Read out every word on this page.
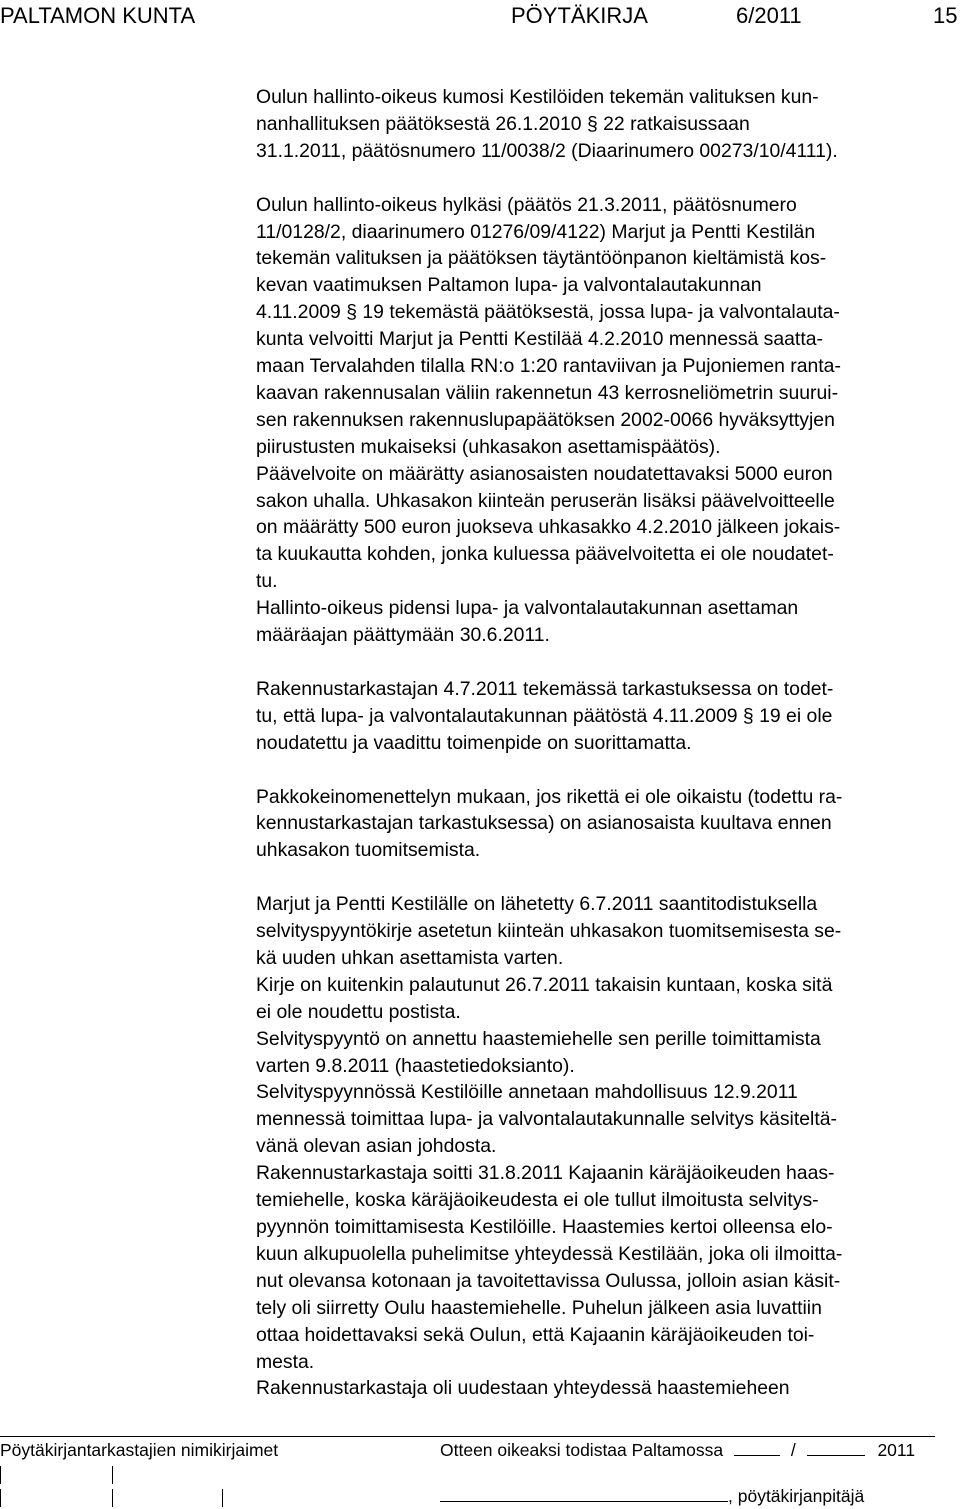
PALTAMON KUNTA	PÖYTÄKIRJA	6/2011	15

Oulun hallinto-oikeus kumosi Kestilöiden tekemän valituksen kun-
nanhallituksen päätöksestä 26.1.2010 § 22 ratkaisussaan
31.1.2011, päätösnumero 11/0038/2 (Diaarinumero 00273/10/4111).

Oulun hallinto-oikeus hylkäsi (päätös 21.3.2011, päätösnumero
11/0128/2, diaarinumero 01276/09/4122) Marjut ja Pentti Kestilän
tekemän valituksen ja päätöksen täytäntöönpanon kieltämistä kos-
kevan vaatimuksen Paltamon lupa- ja valvontalautakunnan
4.11.2009 § 19 tekemästä päätöksestä, jossa lupa- ja valvontalauta-
kunta velvoitti Marjut ja Pentti Kestilää 4.2.2010 mennessä saatta-
maan Tervalahden tilalla RN:o 1:20 rantaviivan ja Pujoniemen ranta-
kaavan rakennusalan väliin rakennetun 43 kerrosneliömetrin suurui-
sen rakennuksen rakennuslupapäätöksen 2002-0066 hyväksyttyjen
piirustusten mukaiseksi (uhkasakon asettamispäätös).
Päävelvoite on määrätty asianosaisten noudatettavaksi 5000 euron
sakon uhalla. Uhkasakon kiinteän peruserän lisäksi päävelvoitteelle
on määrätty 500 euron juokseva uhkasakko 4.2.2010 jälkeen jokais-
ta kuukautta kohden, jonka kuluessa päävelvoitetta ei ole noudatet-
tu.
Hallinto-oikeus pidensi lupa- ja valvontalautakunnan asettaman
määräajan päättymään 30.6.2011.

Rakennustarkastajan 4.7.2011 tekemässä tarkastuksessa on todet-
tu, että lupa- ja valvontalautakunnan päätöstä 4.11.2009 § 19 ei ole
noudatettu ja vaadittu toimenpide on suorittamatta.

Pakkokeinomenettelyn mukaan, jos rikettä ei ole oikaistu (todettu ra-
kennustarkastajan tarkastuksessa) on asianosaista kuultava ennen
uhkasakon tuomitsemista.

Marjut ja Pentti Kestilälle on lähetetty 6.7.2011 saantitodistuksella
selvityspyyntökirje asetetun kiinteän uhkasakon tuomitsemisesta se-
kä uuden uhkan asettamista varten.
Kirje on kuitenkin palautunut 26.7.2011 takaisin kuntaan, koska sitä
ei ole noudettu postista.
Selvityspyyntö on annettu haastemiehelle sen perille toimittamista
varten 9.8.2011 (haastetiedoksianto).
Selvityspyynnössä Kestilöille annetaan mahdollisuus 12.9.2011
mennessä toimittaa lupa- ja valvontalautakunnalle selvitys käsiteltä-
vänä olevan asian johdosta.
Rakennustarkastaja soitti 31.8.2011 Kajaanin käräjäoikeuden haas-
temiehelle, koska käräjäoikeudesta ei ole tullut ilmoitusta selvitys-
pyynnön toimittamisesta Kestilöille. Haastemies kertoi olleensa elo-
kuun alkupuolella puhelimitse yhteydessä Kestilään, joka oli ilmoitta-
nut olevansa kotonaan ja tavoitettavissa Oulussa, jolloin asian käsit-
tely oli siirretty Oulu haastemiehelle. Puhelun jälkeen asia luvattiin
ottaa hoidettavaksi sekä Oulun, että Kajaanin käräjäoikeuden toi-
mesta.
Rakennustarkastaja oli uudestaan yhteydessä haastemieheen

Pöytäkirjantarkastajien nimikirjaimet	Otteen oikeaksi todistaa Paltamossa	/	2011
, pöytäkirjanpitäjä
